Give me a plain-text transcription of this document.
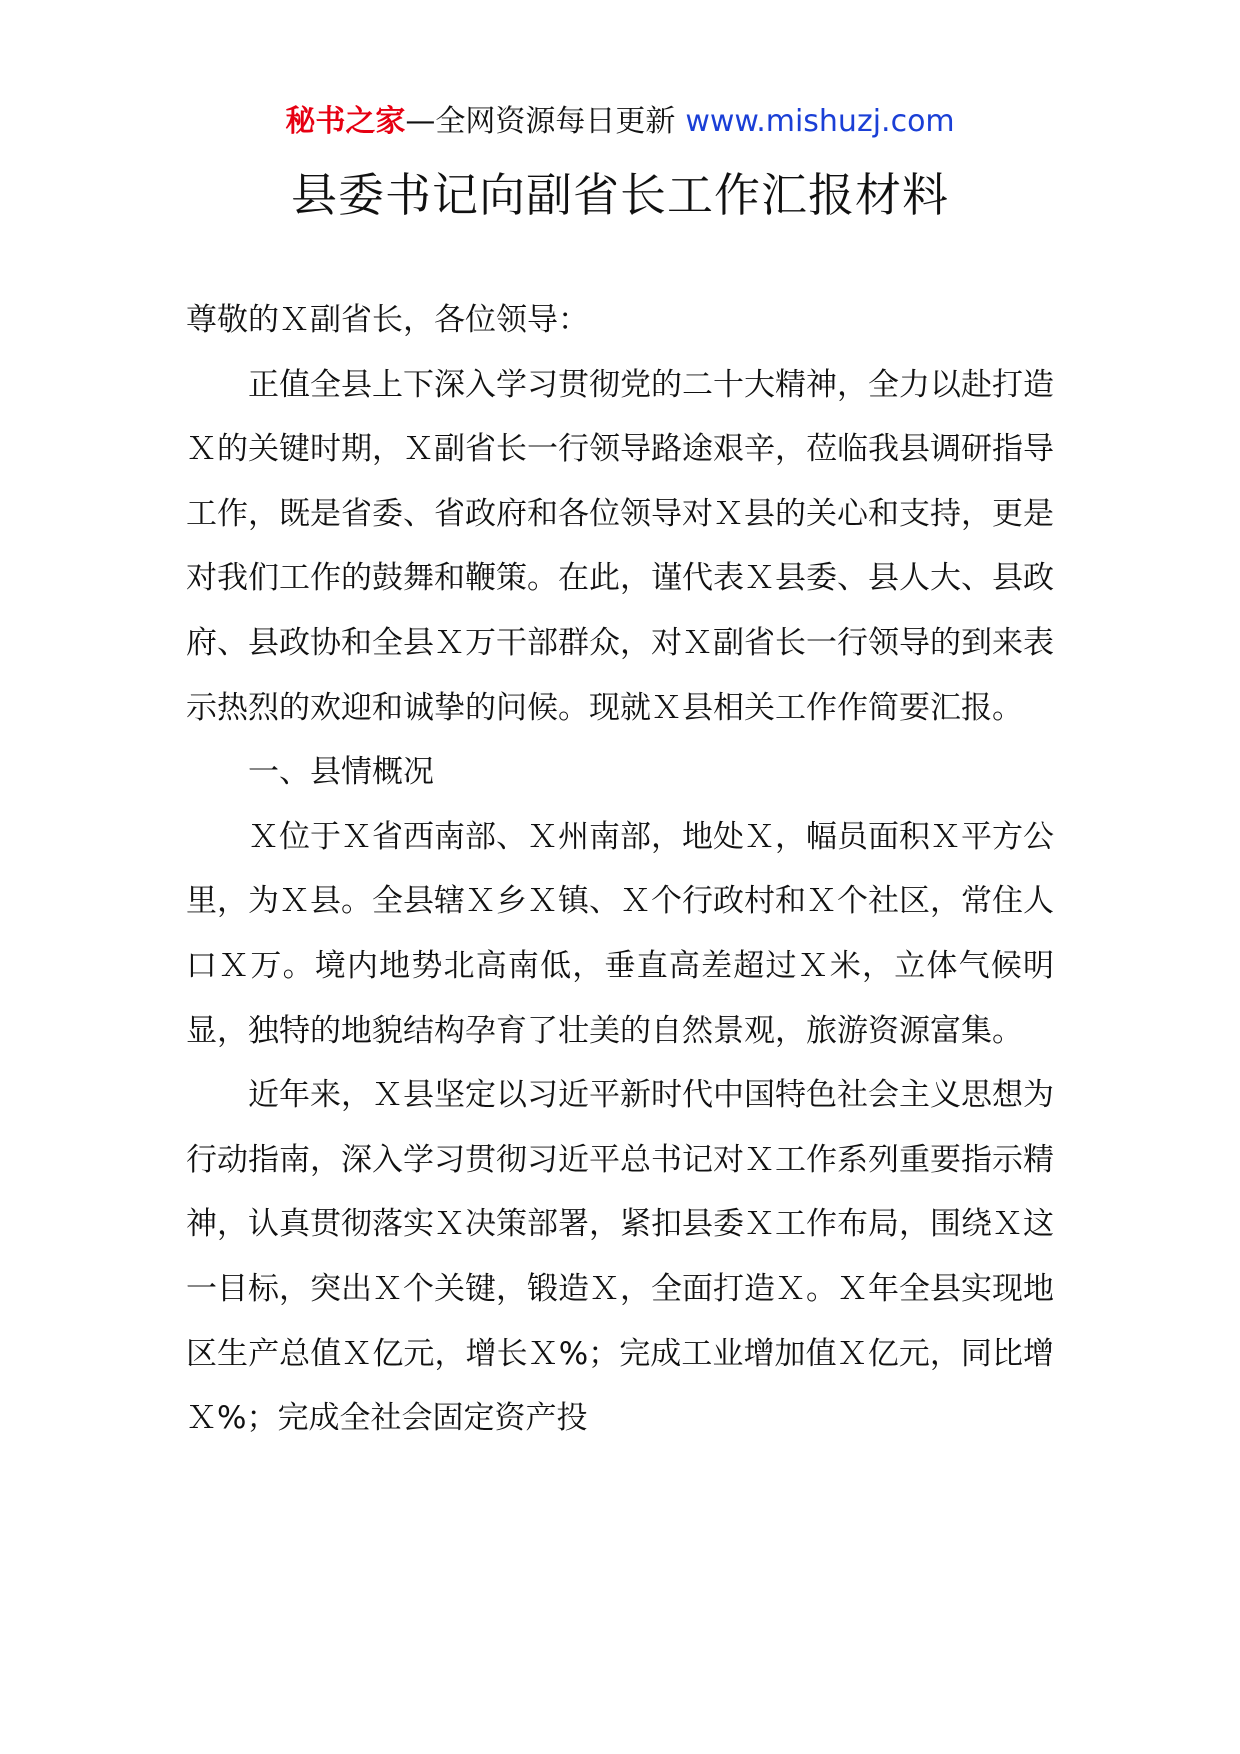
秘书之家—全网资源每日更新 www.mishuzj.com
县委书记向副省长工作汇报材料

尊敬的Ｘ副省长，各位领导：

正值全县上下深入学习贯彻党的二十大精神，全力以赴打造Ｘ的关键时期，Ｘ副省长一行领导路途艰辛，莅临我县调研指导工作，既是省委、省政府和各位领导对Ｘ县的关心和支持，更是对我们工作的鼓舞和鞭策。在此，谨代表Ｘ县委、县人大、县政府、县政协和全县Ｘ万干部群众，对Ｘ副省长一行领导的到来表示热烈的欢迎和诚挚的问候。现就Ｘ县相关工作作简要汇报。

一、县情概况

Ｘ位于Ｘ省西南部、Ｘ州南部，地处Ｘ，幅员面积Ｘ平方公里，为Ｘ县。全县辖Ｘ乡Ｘ镇、Ｘ个行政村和Ｘ个社区，常住人口Ｘ万。境内地势北高南低，垂直高差超过Ｘ米，立体气候明显，独特的地貌结构孕育了壮美的自然景观，旅游资源富集。

近年来，Ｘ县坚定以习近平新时代中国特色社会主义思想为行动指南，深入学习贯彻习近平总书记对Ｘ工作系列重要指示精神，认真贯彻落实Ｘ决策部署，紧扣县委Ｘ工作布局，围绕Ｘ这一目标，突出Ｘ个关键，锻造Ｘ，全面打造Ｘ。Ｘ年全县实现地区生产总值Ｘ亿元，增长Ｘ%；完成工业增加值Ｘ亿元，同比增Ｘ%；完成全社会固定资产投
